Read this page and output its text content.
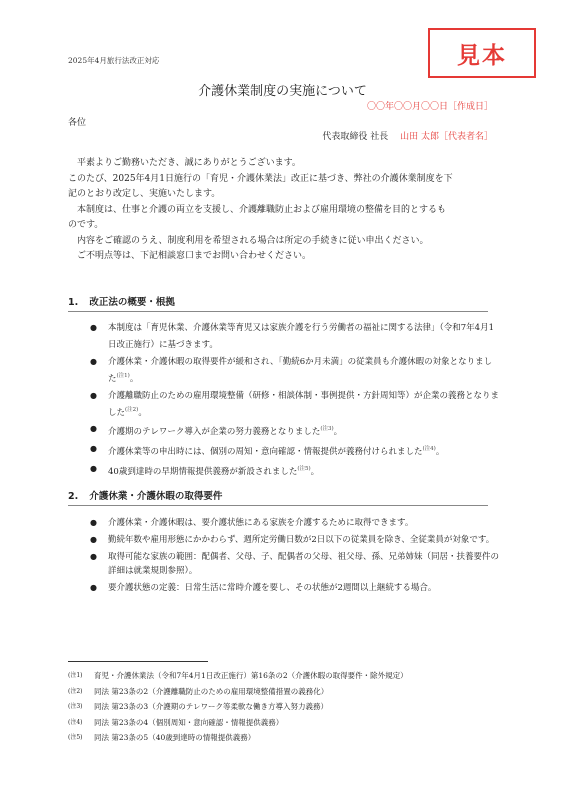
2025年4月旅行法改正対応	見本
介護休業制度の実施について
〇〇年〇〇月〇〇日［作成日］
各位
代表取締役 社長　 山田 太郎［代表者名］

　平素よりご勤務いただき、誠にありがとうございます。

このたび、2025年4月1日施行の「育児・介護休業法」改正に基づき、弊社の介護休業制度を下

記のとおり改定し、実施いたします。

　本制度は、仕事と介護の両立を支援し、介護離職防止および雇用環境の整備を目的とするも

のです。

　内容をご確認のうえ、制度利用を希望される場合は所定の手続きに従い申出ください。

　ご不明点等は、下記相談窓口までお問い合わせください。

1. 改正法の概要・根拠
● 本制度は「育児休業、介護休業等育児又は家族介護を行う労働者の福祉に関する法律」（令和7年4月1日改正施行）に基づきます。
● 介護休業・介護休暇の取得要件が緩和され、「勤続6か月未満」の従業員も介護休暇の対象となりました$^{(注1)}$。
● 介護離職防止のための雇用環境整備（研修・相談体制・事例提供・方針周知等）が企業の義務となりました$^{(注2)}$。
● 介護期のテレワーク導入が企業の努力義務となりました$^{(注3)}$。
● 介護休業等の申出時には、個別の周知・意向確認・情報提供が義務付けられました$^{(注4)}$。
● 40歳到達時の早期情報提供義務が新設されました$^{(注5)}$。
2. 介護休業・介護休暇の取得要件
● 介護休業・介護休暇は、要介護状態にある家族を介護するために取得できます。
● 勤続年数や雇用形態にかかわらず、週所定労働日数が2日以下の従業員を除き、全従業員が対象です。
● 取得可能な家族の範囲：配偶者、父母、子、配偶者の父母、祖父母、孫、兄弟姉妹（同居・扶養要件の詳細は就業規則参照）。
● 要介護状態の定義：日常生活に常時介護を要し、その状態が2週間以上継続する場合。
(注1)	育児・介護休業法（令和7年4月1日改正施行）第16条の2（介護休暇の取得要件・除外規定）
(注2)	同法 第23条の2（介護離職防止のための雇用環境整備措置の義務化）
(注3)	同法 第23条の3（介護期のテレワーク等柔軟な働き方導入努力義務）
(注4)	同法 第23条の4（個別周知・意向確認・情報提供義務）
(注5)	同法 第23条の5（40歳到達時の情報提供義務）
